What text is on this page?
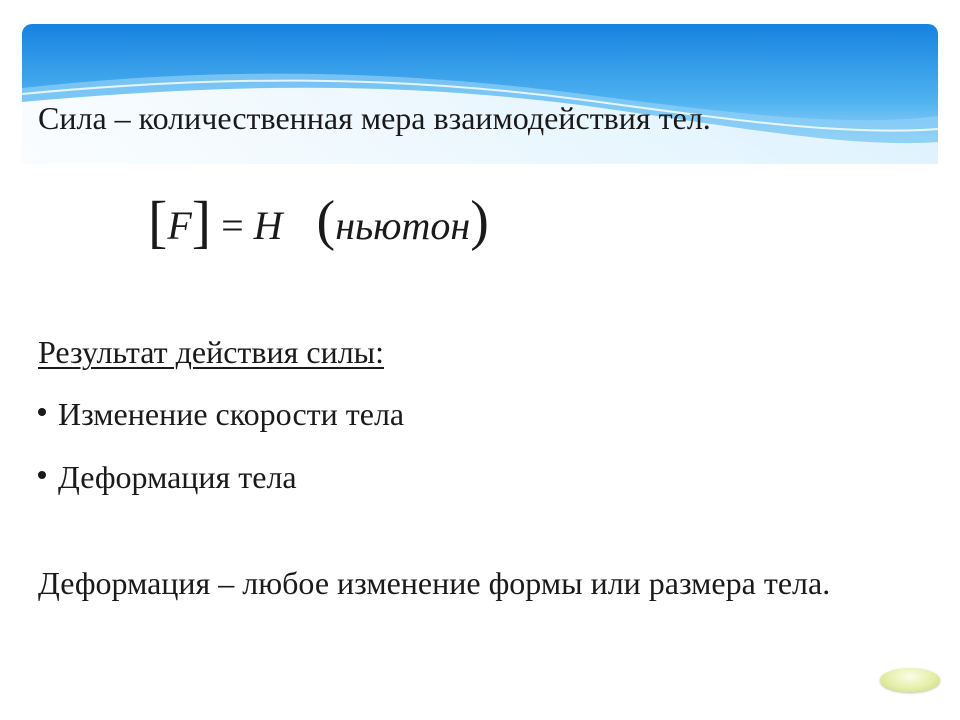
Сила – количественная мера взаимодействия тел.
[ F ] = H ( ньютон )
Результат действия силы:
Изменение скорости тела
Деформация тела
Деформация – любое изменение формы или размера тела.
